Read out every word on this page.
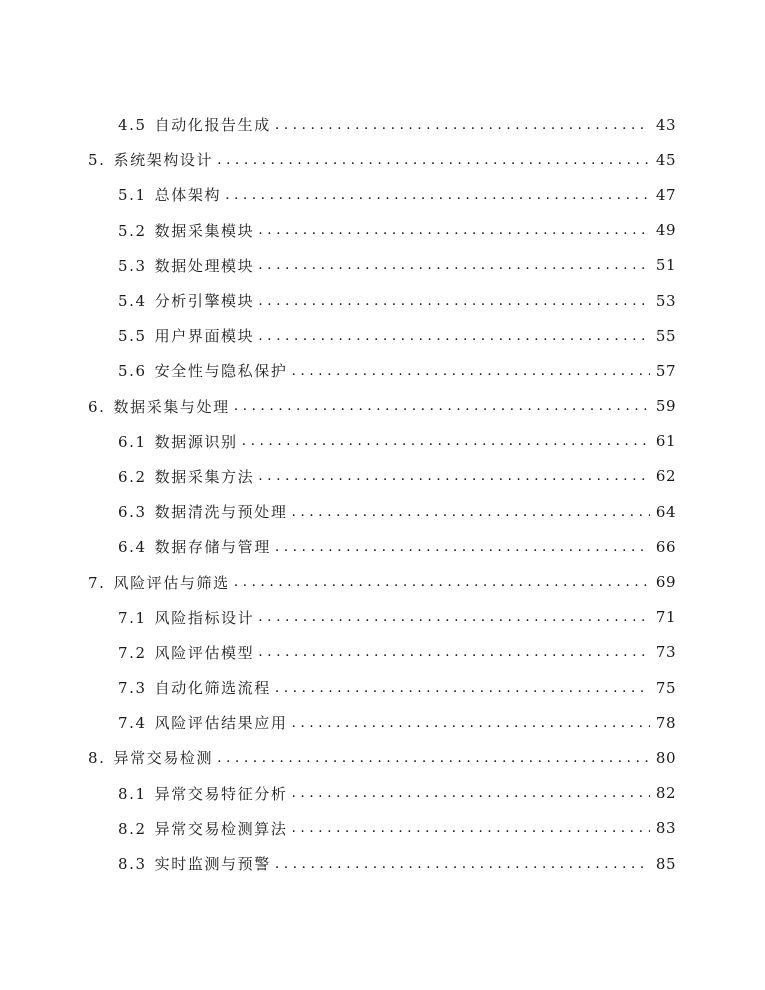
4.5 自动化报告生成 . . .	43
5. 系统架构设计 . . .	45
5.1 总体架构 . . .	47
5.2 数据采集模块 . . .	49
5.3 数据处理模块 . . .	51
5.4 分析引擎模块 . . .	53
5.5 用户界面模块 . . .	55
5.6 安全性与隐私保护 . . .	57
6. 数据采集与处理 . . .	59
6.1 数据源识别 . . .	61
6.2 数据采集方法 . . .	62
6.3 数据清洗与预处理 . . .	64
6.4 数据存储与管理 . . .	66
7. 风险评估与筛选 . . .	69
7.1 风险指标设计 . . .	71
7.2 风险评估模型 . . .	73
7.3 自动化筛选流程 . . .	75
7.4 风险评估结果应用 . . .	78
8. 异常交易检测 . . .	80
8.1 异常交易特征分析 . . .	82
8.2 异常交易检测算法 . . .	83
8.3 实时监测与预警 . . .	85
